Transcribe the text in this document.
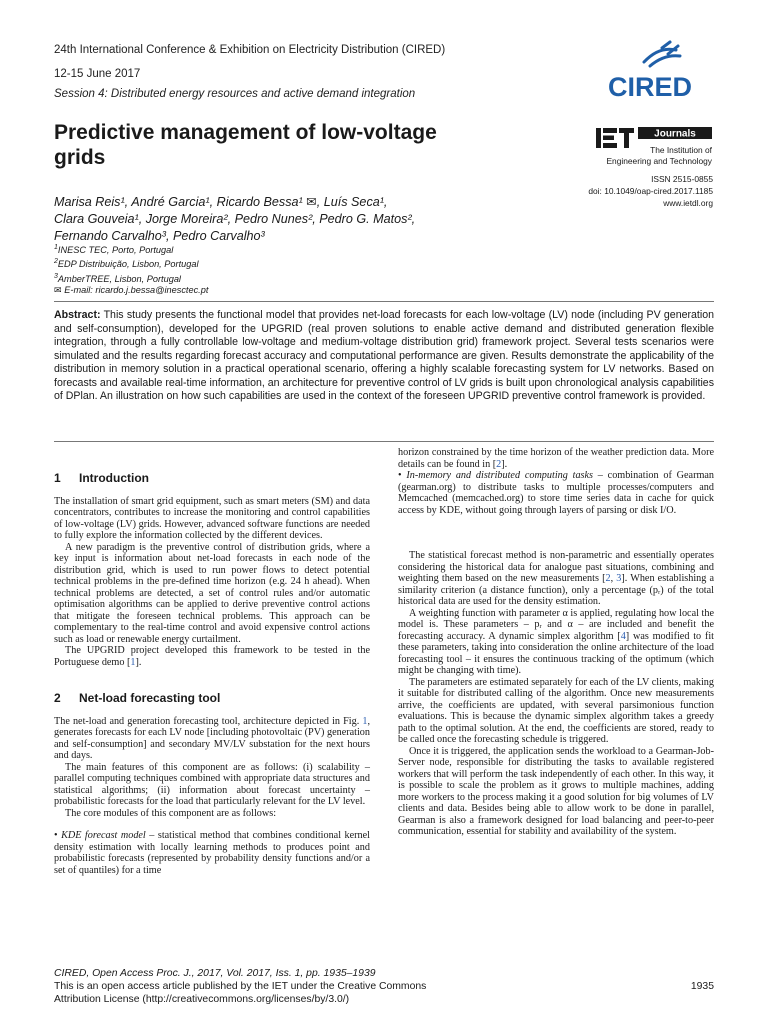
24th International Conference & Exhibition on Electricity Distribution (CIRED)
12-15 June 2017
Session 4: Distributed energy resources and active demand integration	CIRED
Journals
The Institution of
Engineering and Technology
Predictive management of low-voltage
grids
ISSN 2515-0855
doi: 10.1049/oap-cired.2017.1185
www.ietdl.org
Marisa Reis¹, André Garcia¹, Ricardo Bessa¹ ✉, Luís Seca¹,
Clara Gouveia¹, Jorge Moreira², Pedro Nunes², Pedro G. Matos²,
Fernando Carvalho³, Pedro Carvalho³
$^1$INESC TEC, Porto, Portugal
$^2$EDP Distribuição, Lisbon, Portugal
$^3$AmberTREE, Lisbon, Portugal
✉ E-mail: ricardo.j.bessa@inesctec.pt
Abstract: This study presents the functional model that provides net-load forecasts for each low-voltage (LV) node (including PV generation and self-consumption), developed for the UPGRID (real proven solutions to enable active demand and distributed generation flexible integration, through a fully controllable low-voltage and medium-voltage distribution grid) framework project. Several tests scenarios were simulated and the results regarding forecast accuracy and computational performance are given. Results demonstrate the applicability of the distribution in memory solution in a practical operational scenario, offering a highly scalable forecasting system for LV networks. Based on forecasts and available real-time information, an architecture for preventive control of LV grids is built upon chronological analysis capabilities of DPlan. An illustration on how such capabilities are used in the context of the foreseen UPGRID preventive control framework is provided.
1 Introduction

The installation of smart grid equipment, such as smart meters (SM) and data concentrators, contributes to increase the monitoring and control capabilities of low-voltage (LV) grids. However, advanced software functions are needed to fully explore the information collected by the different devices.

A new paradigm is the preventive control of distribution grids, where a key input is information about net-load forecasts in each node of the distribution grid, which is used to run power flows to detect potential technical problems in the pre-defined time horizon (e.g. 24 h ahead). When technical problems are detected, a set of control rules and/or automatic optimisation algorithms can be applied to derive preventive control actions that mitigate the foreseen technical problems. This approach can be complementary to the real-time control and avoid expensive control actions such as load or renewable energy curtailment.

The UPGRID project developed this framework to be tested in the Portuguese demo [1].

2 Net-load forecasting tool

The net-load and generation forecasting tool, architecture depicted in Fig. 1, generates forecasts for each LV node [including photovoltaic (PV) generation and self-consumption] and secondary MV/LV substation for the next hours and days.

The main features of this component are as follows: (i) scalability – parallel computing techniques combined with appropriate data structures and statistical algorithms; (ii) information about forecast uncertainty – probabilistic forecasts for the load that particularly relevant for the LV level.

The core modules of this component are as follows:

• KDE forecast model – statistical method that combines conditional kernel density estimation with locally learning methods to produces point and probabilistic forecasts (represented by probability density functions and/or a set of quantiles) for a time

horizon constrained by the time horizon of the weather prediction data. More details can be found in [2].

• In-memory and distributed computing tasks – combination of Gearman (gearman.org) to distribute tasks to multiple processes/computers and Memcached (memcached.org) to store time series data in cache for quick access by KDE, without going through layers of parsing or disk I/O.

The statistical forecast method is non-parametric and essentially operates considering the historical data for analogue past situations, combining and weighting them based on the new measurements [2, 3]. When establishing a similarity criterion (a distance function), only a percentage (pᵣ) of the total historical data are used for the density estimation.

A weighting function with parameter α is applied, regulating how local the model is. These parameters – pᵣ and α – are included and benefit the forecasting accuracy. A dynamic simplex algorithm [4] was modified to fit these parameters, taking into consideration the online architecture of the load forecasting tool – it ensures the continuous tracking of the optimum (which might be changing with time).

The parameters are estimated separately for each of the LV clients, making it suitable for distributed calling of the algorithm. Once new measurements arrive, the coefficients are updated, with several parsimonious function evaluations. This is because the dynamic simplex algorithm takes a greedy path to the optimal solution. At the end, the coefficients are stored, ready to be called once the forecasting schedule is triggered.

Once it is triggered, the application sends the workload to a Gearman-Job-Server node, responsible for distributing the tasks to available registered workers that will perform the task independently of each other. In this way, it is possible to scale the problem as it grows to multiple machines, adding more workers to the process making it a good solution for big volumes of LV clients and data. Besides being able to allow work to be done in parallel, Gearman is also a framework designed for load balancing and peer-to-peer communication, essential for stability and availability of the system.

CIRED, Open Access Proc. J., 2017, Vol. 2017, Iss. 1, pp. 1935–1939
This is an open access article published by the IET under the Creative Commons
Attribution License (http://creativecommons.org/licenses/by/3.0/)
1935
